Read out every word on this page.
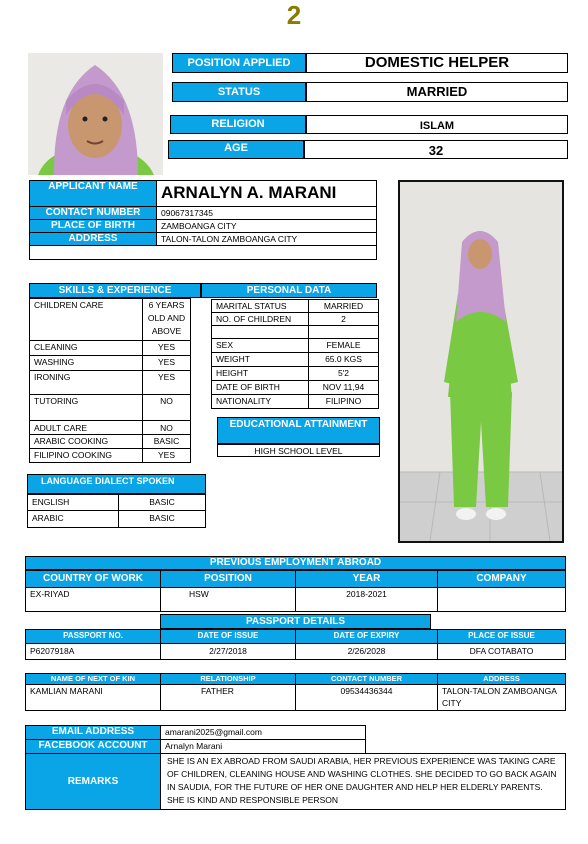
2
POSITION APPLIED	DOMESTIC HELPER
STATUS	MARRIED
RELIGION	ISLAM
AGE	32
APPLICANT NAME	ARNALYN A. MARANI
CONTACT NUMBER	09067317345
PLACE OF BIRTH	ZAMBOANGA CITY
ADDRESS	TALON-TALON ZAMBOANGA CITY

SKILLS & EXPERIENCE	PERSONAL DATA
CHILDREN CARE	6 YEARS OLD AND ABOVE
CLEANING	YES
WASHING	YES
IRONING	YES
TUTORING	NO
ADULT CARE	NO
ARABIC COOKING	BASIC
FILIPINO COOKING	YES
MARITAL STATUS	MARRIED
NO. OF CHILDREN	2

SEX	FEMALE
WEIGHT	65.0 KGS
HEIGHT	5'2
DATE OF BIRTH	NOV 11,94
NATIONALITY	FILIPINO
EDUCATIONAL ATTAINMENT
HIGH SCHOOL LEVEL
LANGUAGE DIALECT SPOKEN
ENGLISH	BASIC
ARABIC	BASIC
PREVIOUS EMPLOYMENT ABROAD
COUNTRY OF WORK	POSITION	YEAR	COMPANY
EX-RIYAD	HSW	2018-2021	
PASSPORT DETAILS
PASSPORT NO.	DATE OF ISSUE	DATE OF EXPIRY	PLACE OF ISSUE
P6207918A	2/27/2018	2/26/2028	DFA COTABATO
NAME OF NEXT OF KIN	RELATIONSHIP	CONTACT NUMBER	ADDRESS
KAMLIAN MARANI	FATHER	09534436344	TALON-TALON ZAMBOANGA CITY
EMAIL ADDRESS	amarani2025@gmail.com
FACEBOOK ACCOUNT	Arnalyn Marani
REMARKS	SHE IS AN EX ABROAD FROM SAUDI ARABIA, HER PREVIOUS EXPERIENCE WAS TAKING CARE OF CHILDREN, CLEANING HOUSE AND WASHING CLOTHES. SHE DECIDED TO GO BACK AGAIN IN SAUDIA, FOR THE FUTURE OF HER ONE DAUGHTER AND HELP HER ELDERLY PARENTS. SHE IS KIND AND RESPONSIBLE PERSON
